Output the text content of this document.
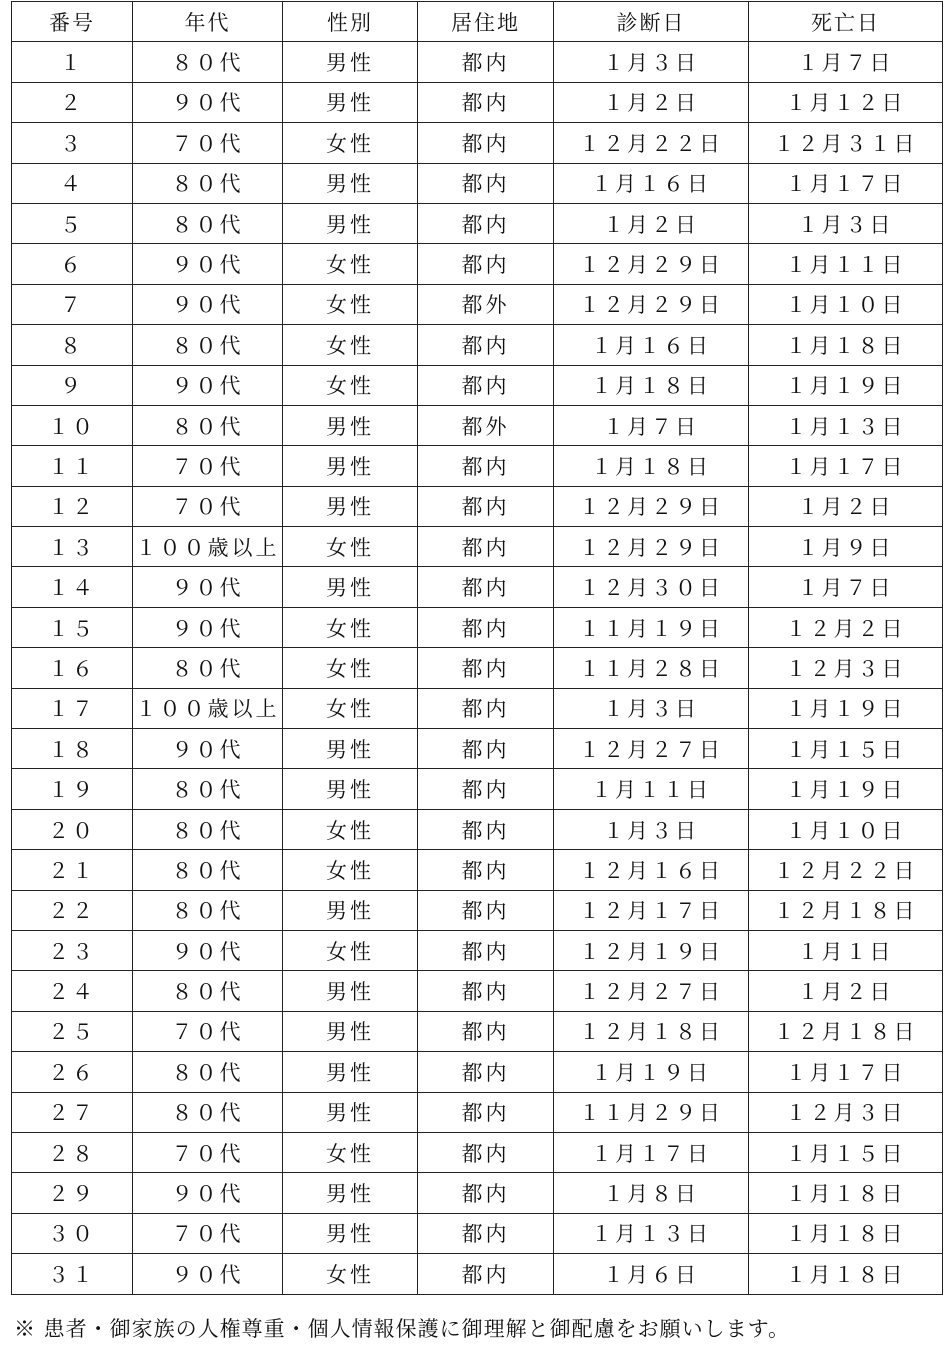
番号	年代	性別	居住地	診断日	死亡日
１	８０代	男性	都内	１月３日	１月７日
２	９０代	男性	都内	１月２日	１月１２日
３	７０代	女性	都内	１２月２２日	１２月３１日
４	８０代	男性	都内	１月１６日	１月１７日
５	８０代	男性	都内	１月２日	１月３日
６	９０代	女性	都内	１２月２９日	１月１１日
７	９０代	女性	都外	１２月２９日	１月１０日
８	８０代	女性	都内	１月１６日	１月１８日
９	９０代	女性	都内	１月１８日	１月１９日
１０	８０代	男性	都外	１月７日	１月１３日
１１	７０代	男性	都内	１月１８日	１月１７日
１２	７０代	男性	都内	１２月２９日	１月２日
１３	１００歳以上	女性	都内	１２月２９日	１月９日
１４	９０代	男性	都内	１２月３０日	１月７日
１５	９０代	女性	都内	１１月１９日	１２月２日
１６	８０代	女性	都内	１１月２８日	１２月３日
１７	１００歳以上	女性	都内	１月３日	１月１９日
１８	９０代	男性	都内	１２月２７日	１月１５日
１９	８０代	男性	都内	１月１１日	１月１９日
２０	８０代	女性	都内	１月３日	１月１０日
２１	８０代	女性	都内	１２月１６日	１２月２２日
２２	８０代	男性	都内	１２月１７日	１２月１８日
２３	９０代	女性	都内	１２月１９日	１月１日
２４	８０代	男性	都内	１２月２７日	１月２日
２５	７０代	男性	都内	１２月１８日	１２月１８日
２６	８０代	男性	都内	１月１９日	１月１７日
２７	８０代	男性	都内	１１月２９日	１２月３日
２８	７０代	女性	都内	１月１７日	１月１５日
２９	９０代	男性	都内	１月８日	１月１８日
３０	７０代	男性	都内	１月１３日	１月１８日
３１	９０代	女性	都内	１月６日	１月１８日
※ 患者・御家族の人権尊重・個人情報保護に御理解と御配慮をお願いします。
